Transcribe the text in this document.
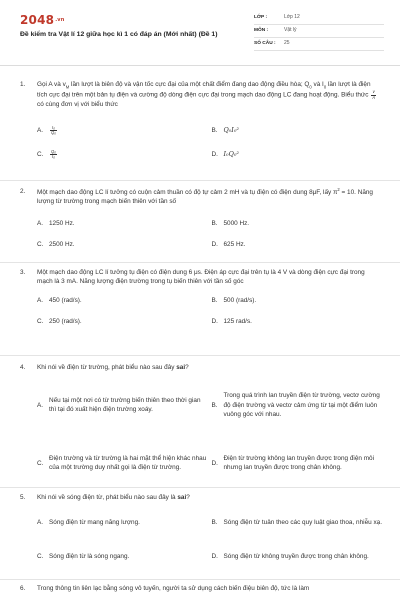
2048.vn
Đề kiểm tra Vật lí 12 giữa học kì 1 có đáp án (Mới nhất) (Đề 1)
LỚP :	Lớp 12
MÔN :	Vật lý
SỐ CÂU :	25
1.	Gọi A và $v_M$ lần lượt là biên độ và vận tốc cực đại của một chất điểm đang dao động điều hòa; $Q_0$ và $I_0$ lần lượt là điện tích cực đại trên một bản tụ điện và cường độ dòng điện cực đại trong mạch dao động LC đang hoạt động. Biểu thức $\frac{v}{A}$
có cùng đơn vị với biểu thức
A.	$\frac{\text{I₀}}{\text{Q₀}}$	B. Q₀I₀²
C.	$\frac{\text{Q₀}}{\text{I₀}}$	D. I₀Q₀²
2.	Một mạch dao động LC lí tưởng có cuộn cảm thuần có độ tự cảm 2 mH và tụ điện có điện dung 8μF, lấy $\pi^2 = 10$. Năng lượng từ trường trong mạch biến thiên với tần số
A. 1250 Hz.	B. 5000 Hz.
C. 2500 Hz.	D. 625 Hz.
3.	Một mạch dao động LC lí tưởng tụ điện có điện dung 6 μs. Điện áp cực đại trên tụ là 4 V và dòng điện cực đại trong mạch là 3 mA. Năng lượng điện trường trong tụ biến thiên với tần số góc
A. 450 (rad/s).	B. 500 (rad/s).
C. 250 (rad/s).	D. 125 rad/s.
4.	Khi nói về điện từ trường, phát biểu nào sau đây sai?
A.
Nếu tại một nơi có từ trường biến thiên theo thời gian thì tại đó xuất hiện điện trường xoáy.
B.
Trong quá trình lan truyền điện từ trường, vectơ cường độ điện trường và vectơ cảm ứng từ tại một điểm luôn vuông góc với nhau.
C.
Điện trường và từ trường là hai mặt thể hiện khác nhau của một trường duy nhất gọi là điện từ trường.
D.
Điện từ trường không lan truyền được trong điện môi nhưng lan truyền được trong chân không.
5.	Khi nói về sóng điện từ, phát biểu nào sau đây là sai?
A. Sóng điện từ mang năng lượng.	B. Sóng điện từ tuân theo các quy luật giao thoa, nhiễu xạ.
C. Sóng điện từ là sóng ngang.	D. Sóng điện từ không truyền được trong chân không.
6.	Trong thông tin liên lạc bằng sóng vô tuyến, người ta sử dụng cách biến điệu biên độ, tức là làm
